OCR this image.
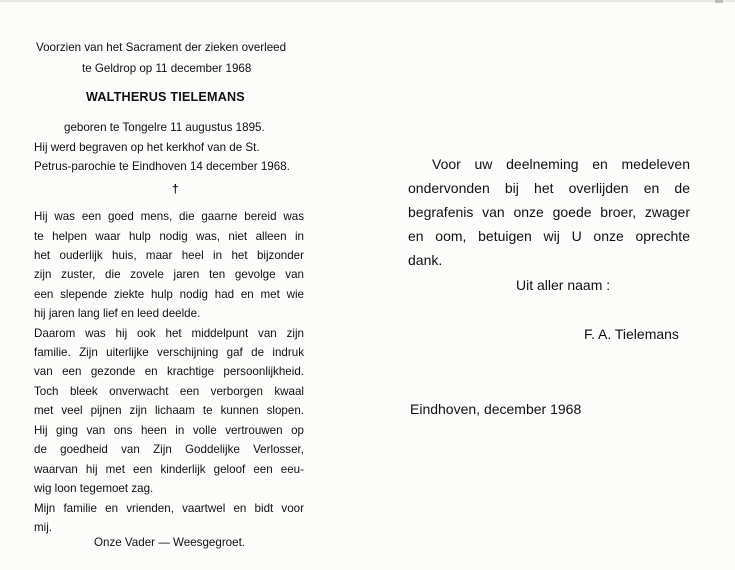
Voorzien van het Sacrament der zieken overleed
te Geldrop op 11 december 1968
WALTHERUS TIELEMANS
geboren te Tongelre 11 augustus 1895.
Hij werd begraven op het kerkhof van de St.
Petrus-parochie te Eindhoven 14 december 1968.
†
Hij was een goed mens, die gaarne bereid was
te helpen waar hulp nodig was, niet alleen in
het ouderlijk huis, maar heel in het bijzonder
zijn zuster, die zovele jaren ten gevolge van
een slepende ziekte hulp nodig had en met wie
hij jaren lang lief en leed deelde.
Daarom was hij ook het middelpunt van zijn
familie. Zijn uiterlijke verschijning gaf de indruk
van een gezonde en krachtige persoonlijkheid.
Toch bleek onverwacht een verborgen kwaal
met veel pijnen zijn lichaam te kunnen slopen.
Hij ging van ons heen in volle vertrouwen op
de goedheid van Zijn Goddelijke Verlosser,
waarvan hij met een kinderlijk geloof een eeu-
wig loon tegemoet zag.
Mijn familie en vrienden, vaartwel en bidt voor
mij.
Onze Vader — Weesgegroet.
Voor uw deelneming en medeleven
ondervonden bij het overlijden en de
begrafenis van onze goede broer, zwager
en oom, betuigen wij U onze oprechte
dank.
Uit aller naam :
F. A. Tielemans
Eindhoven, december 1968
